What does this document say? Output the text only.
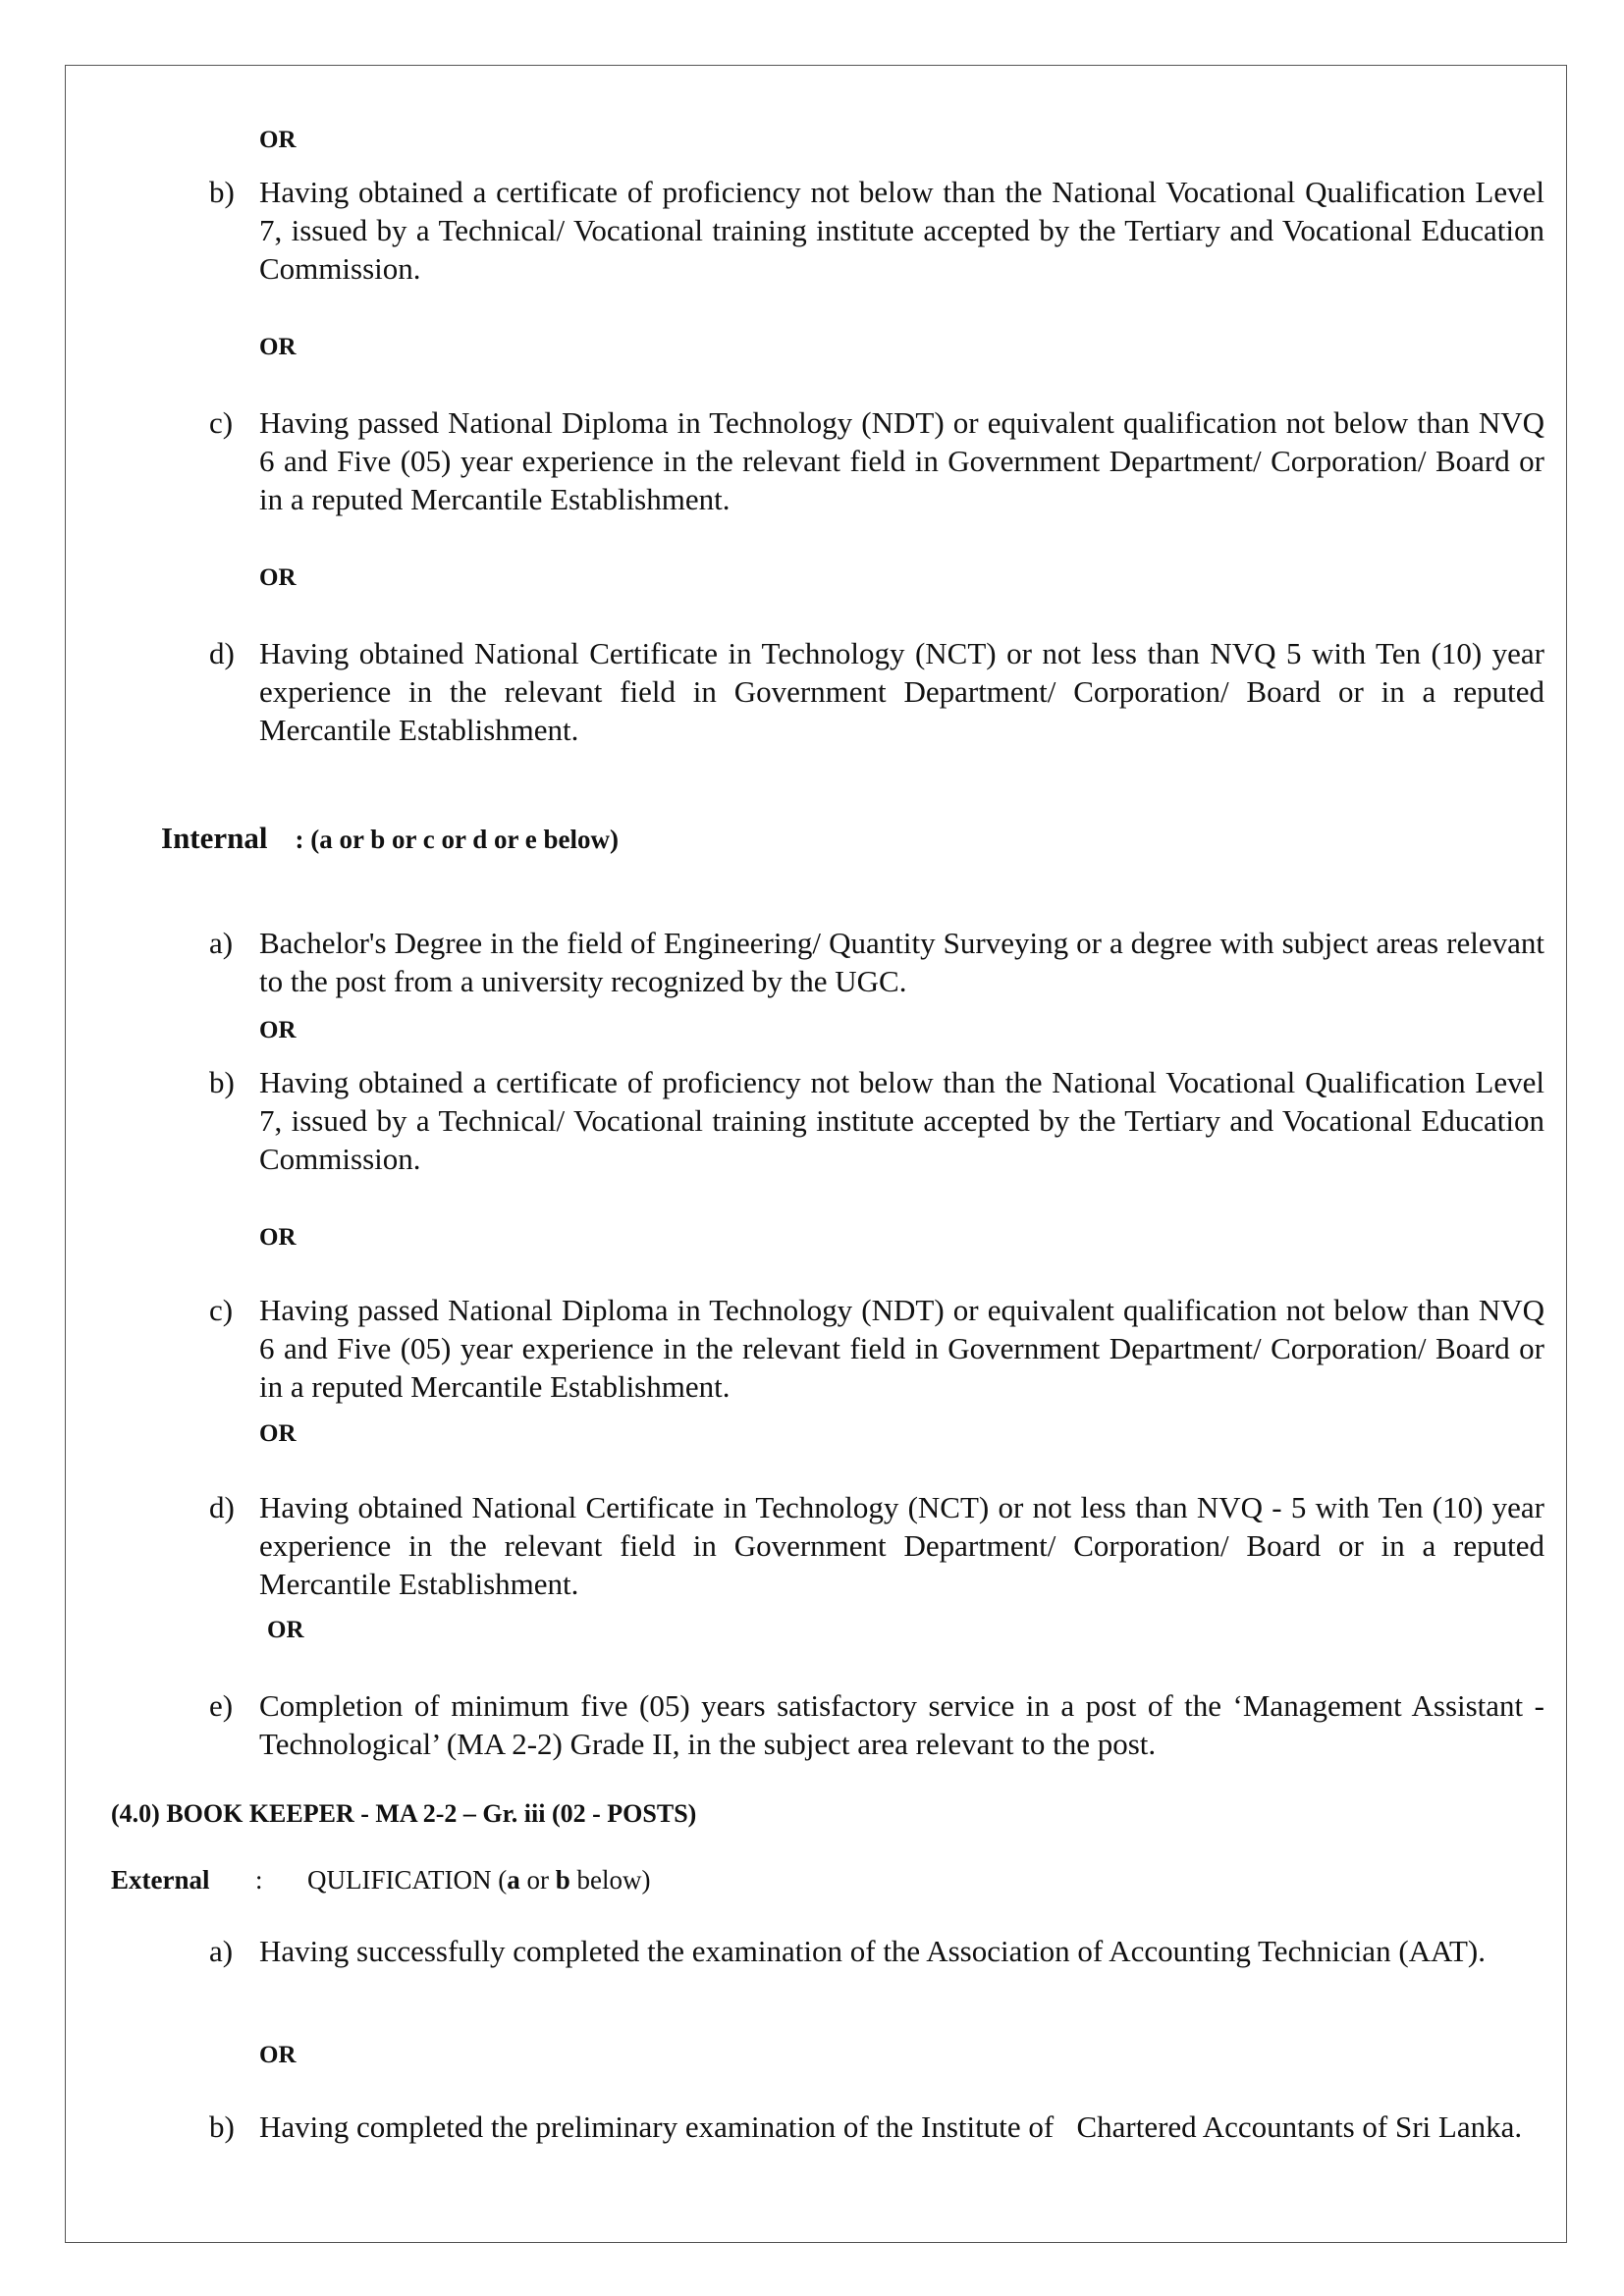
OR
b) Having obtained a certificate of proficiency not below than the National Vocational Qualification Level 7, issued by a Technical/ Vocational training institute accepted by the Tertiary and Vocational Education Commission.
OR
c) Having passed National Diploma in Technology (NDT) or equivalent qualification not below than NVQ 6 and Five (05) year experience in the relevant field in Government Department/ Corporation/ Board or in a reputed Mercantile Establishment.
OR
d) Having obtained National Certificate in Technology (NCT) or not less than NVQ 5 with Ten (10) year experience in the relevant field in Government Department/ Corporation/ Board or in a reputed Mercantile Establishment.
Internal : (a or b or c or d or e below)
a) Bachelor's Degree in the field of Engineering/ Quantity Surveying or a degree with subject areas relevant to the post from a university recognized by the UGC.
OR
b) Having obtained a certificate of proficiency not below than the National Vocational Qualification Level 7, issued by a Technical/ Vocational training institute accepted by the Tertiary and Vocational Education Commission.
OR
c) Having passed National Diploma in Technology (NDT) or equivalent qualification not below than NVQ 6 and Five (05) year experience in the relevant field in Government Department/ Corporation/ Board or in a reputed Mercantile Establishment.
OR
d) Having obtained National Certificate in Technology (NCT) or not less than NVQ - 5 with Ten (10) year experience in the relevant field in Government Department/ Corporation/ Board or in a reputed Mercantile Establishment.
OR
e) Completion of minimum five (05) years satisfactory service in a post of the ‘Management Assistant - Technological’ (MA 2-2) Grade II, in the subject area relevant to the post.
(4.0) BOOK KEEPER - MA 2-2 – Gr. iii (02 - POSTS)
External : QULIFICATION (a or b below)
a) Having successfully completed the examination of the Association of Accounting Technician (AAT).
OR
b) Having completed the preliminary examination of the Institute of   Chartered Accountants of Sri Lanka.
